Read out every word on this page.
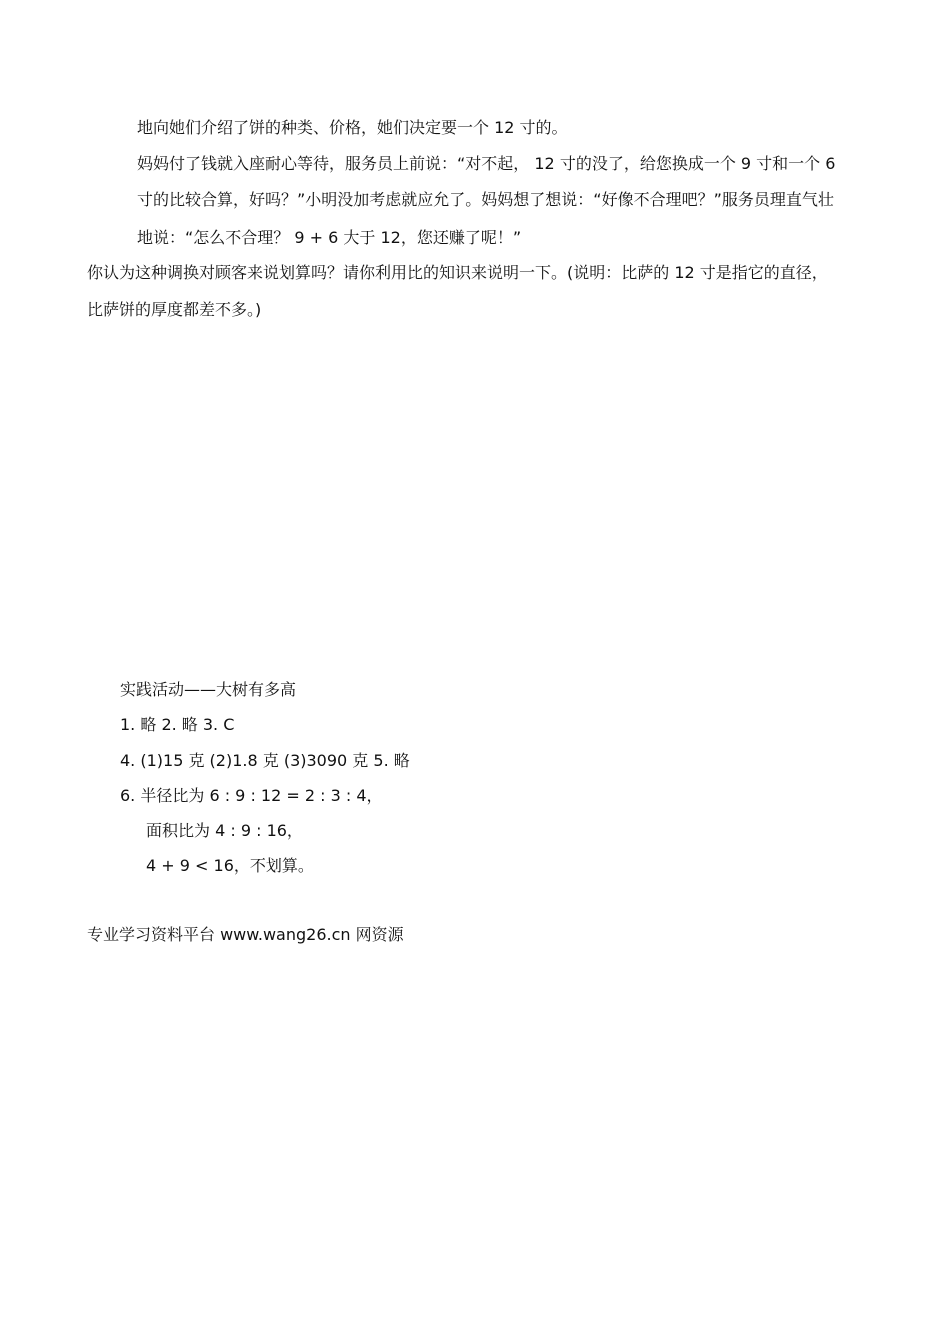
地向她们介绍了饼的种类、价格，她们决定要一个 12 寸的。
妈妈付了钱就入座耐心等待，服务员上前说：“对不起， 12 寸的没了，给您换成一个 9 寸和一个 6
寸的比较合算，好吗？”小明没加考虑就应允了。妈妈想了想说：“好像不合理吧？”服务员理直气壮
地说：“怎么不合理？ 9 + 6 大于 12，您还赚了呢！”
你认为这种调换对顾客来说划算吗？请你利用比的知识来说明一下。(说明：比萨的 12 寸是指它的直径，
比萨饼的厚度都差不多。)
实践活动——大树有多高
1. 略 2. 略 3. C
4. (1)15 克 (2)1.8 克 (3)3090 克 5. 略
6. 半径比为 6 : 9 : 12 = 2 : 3 : 4，
面积比为 4 : 9 : 16，
4 + 9 < 16，不划算。
专业学习资料平台 www.wang26.cn 网资源
